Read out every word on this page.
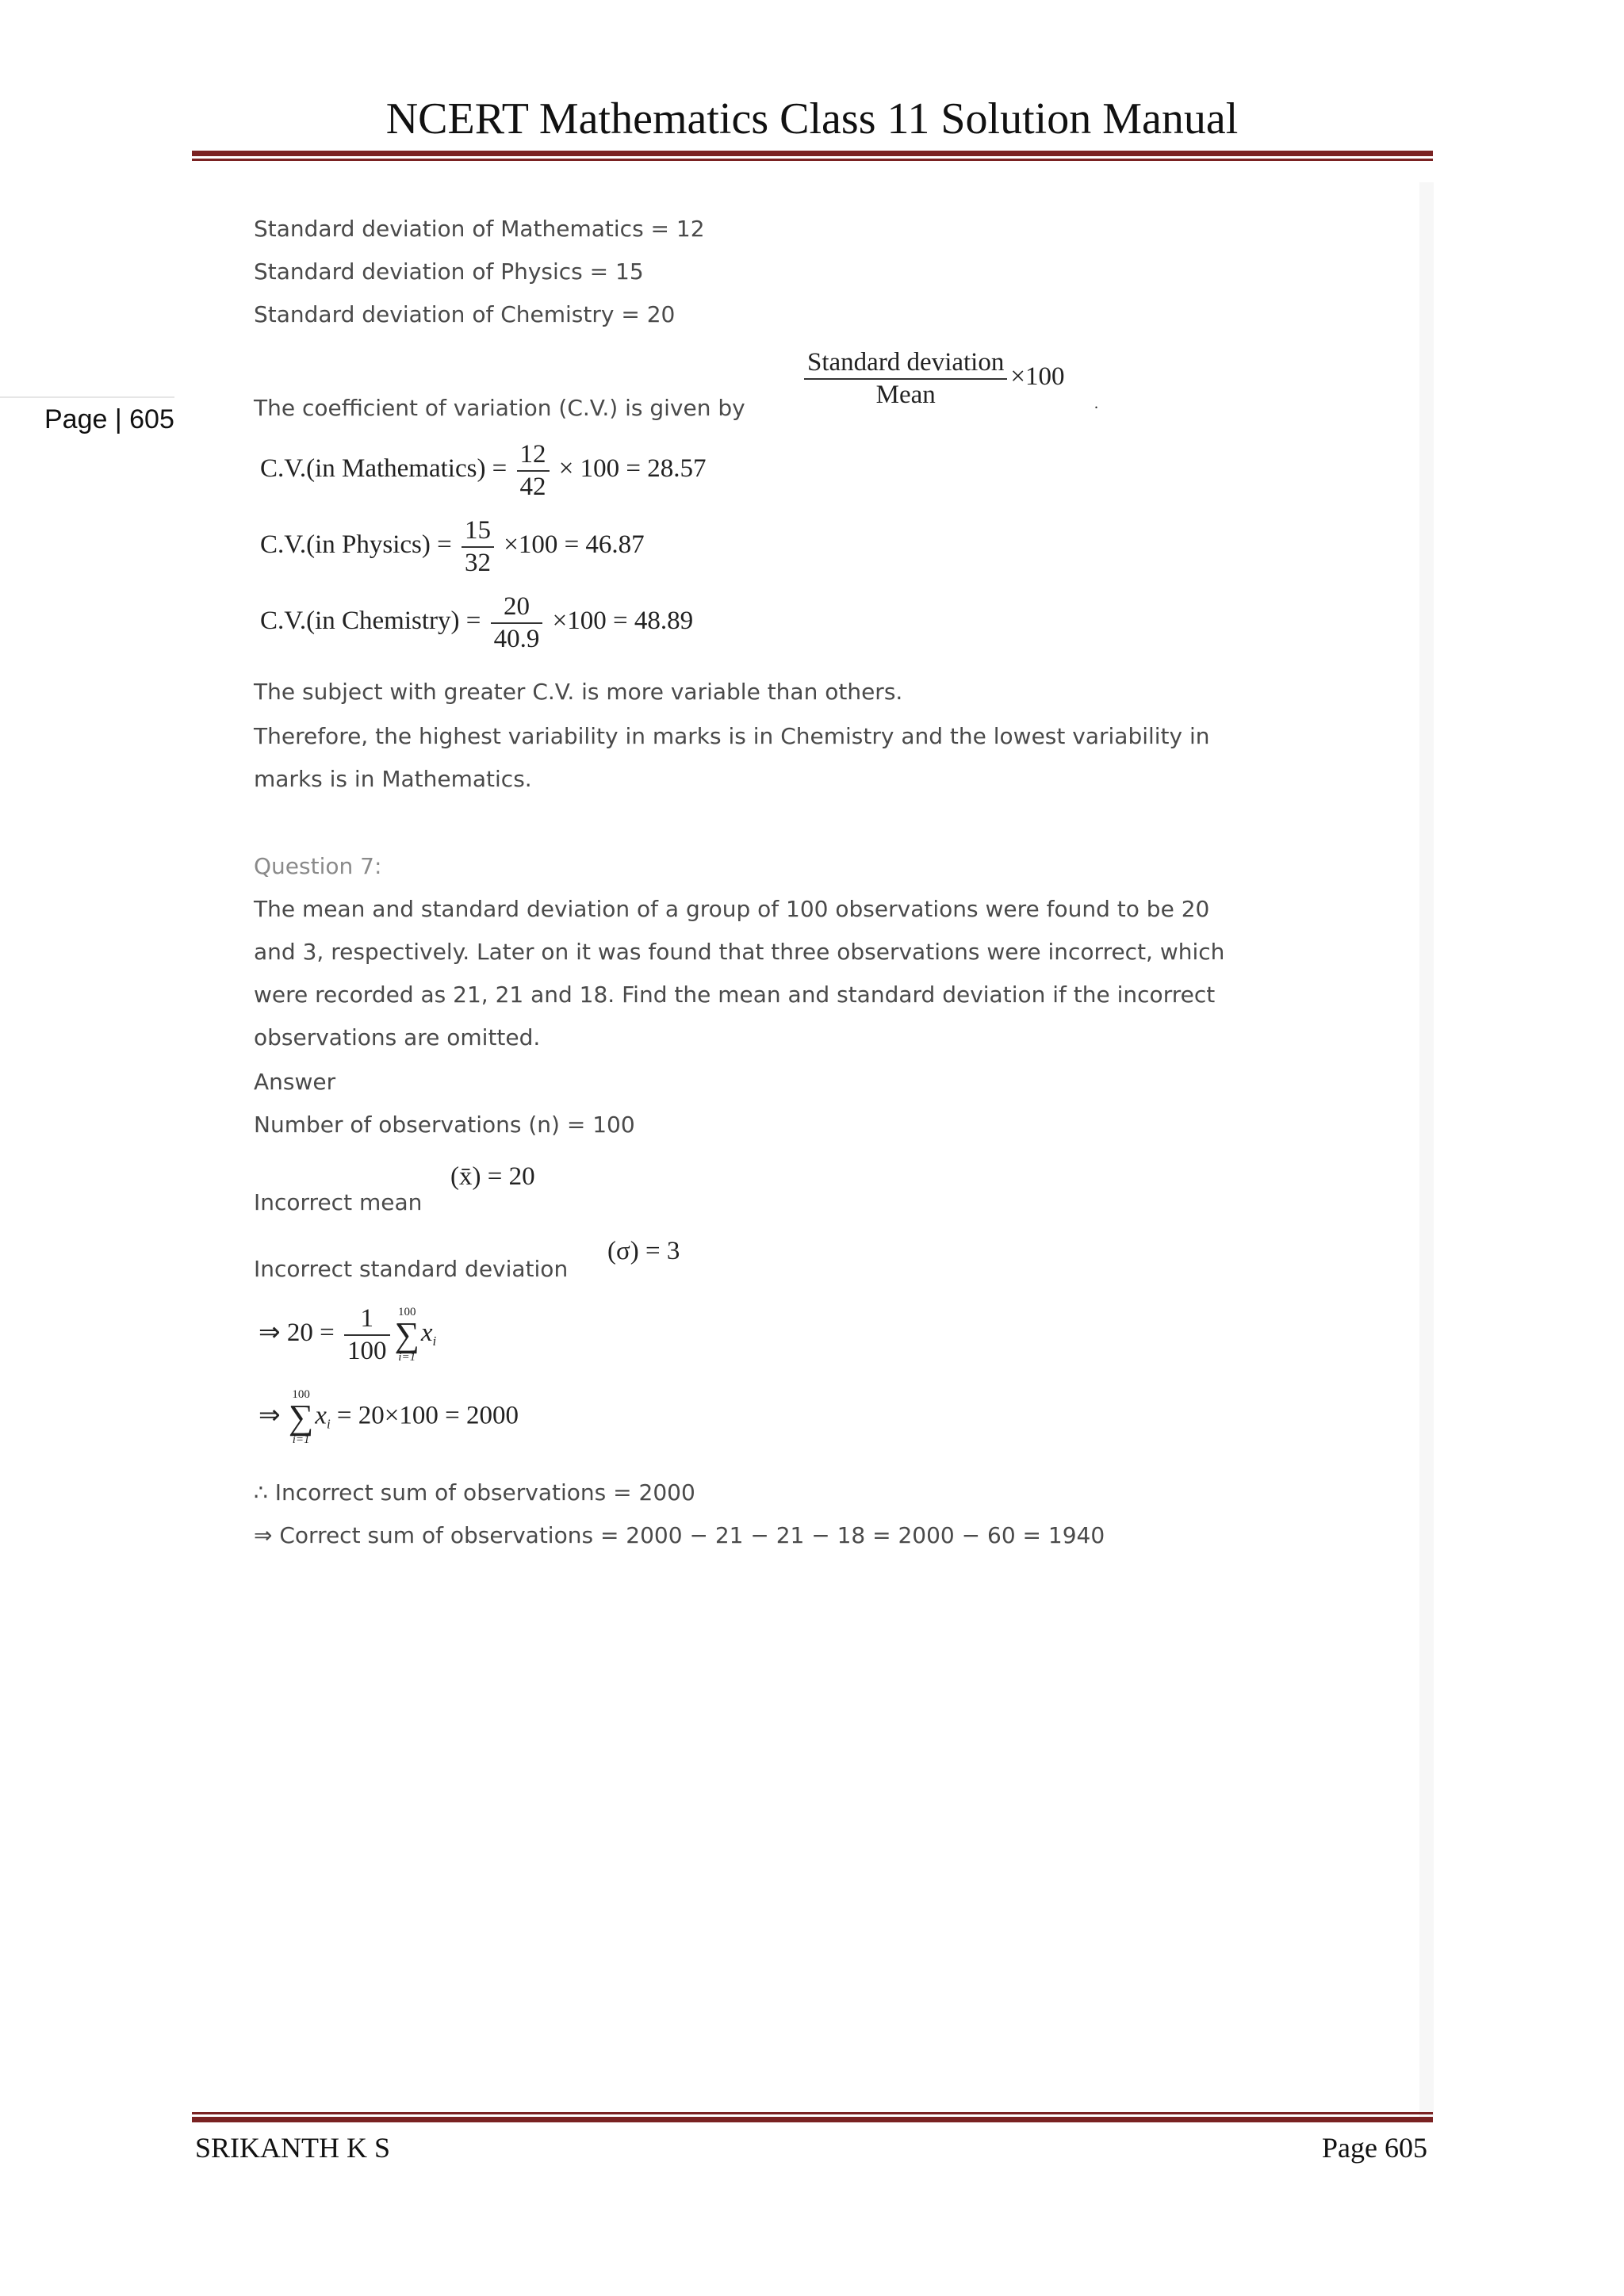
NCERT Mathematics Class 11 Solution Manual
Page | 605
Standard deviation of Mathematics = 12
Standard deviation of Physics = 15
Standard deviation of Chemistry = 20
The coefficient of variation (C.V.) is given by $\frac{\text{Standard deviation}}{\text{Mean}} \times 100$
.
C.V.(in Mathematics) = $\frac{12}{42} \times 100 = 28.57$
C.V.(in Physics) = $\frac{15}{32} \times 100 = 46.87$
C.V.(in Chemistry) = $\frac{20}{40.9} \times 100 = 48.89$
The subject with greater C.V. is more variable than others.
Therefore, the highest variability in marks is in Chemistry and the lowest variability in
marks is in Mathematics.
Question 7:
The mean and standard deviation of a group of 100 observations were found to be 20
and 3, respectively. Later on it was found that three observations were incorrect, which
were recorded as 21, 21 and 18. Find the mean and standard deviation if the incorrect
observations are omitted.
Answer
Number of observations (n) = 100
Incorrect mean
(x̄) = 20
Incorrect standard deviation
(σ) = 3
⇒ $20 = \frac{1}{100} 100$
∑
i=1
$x_i$
⇒
100
∑
i=1
$x_i = 20\times 100 = 2000$
∴ Incorrect sum of observations = 2000
⇒ Correct sum of observations = 2000 − 21 − 21 − 18 = 2000 − 60 = 1940
SRIKANTH K S	Page 605
